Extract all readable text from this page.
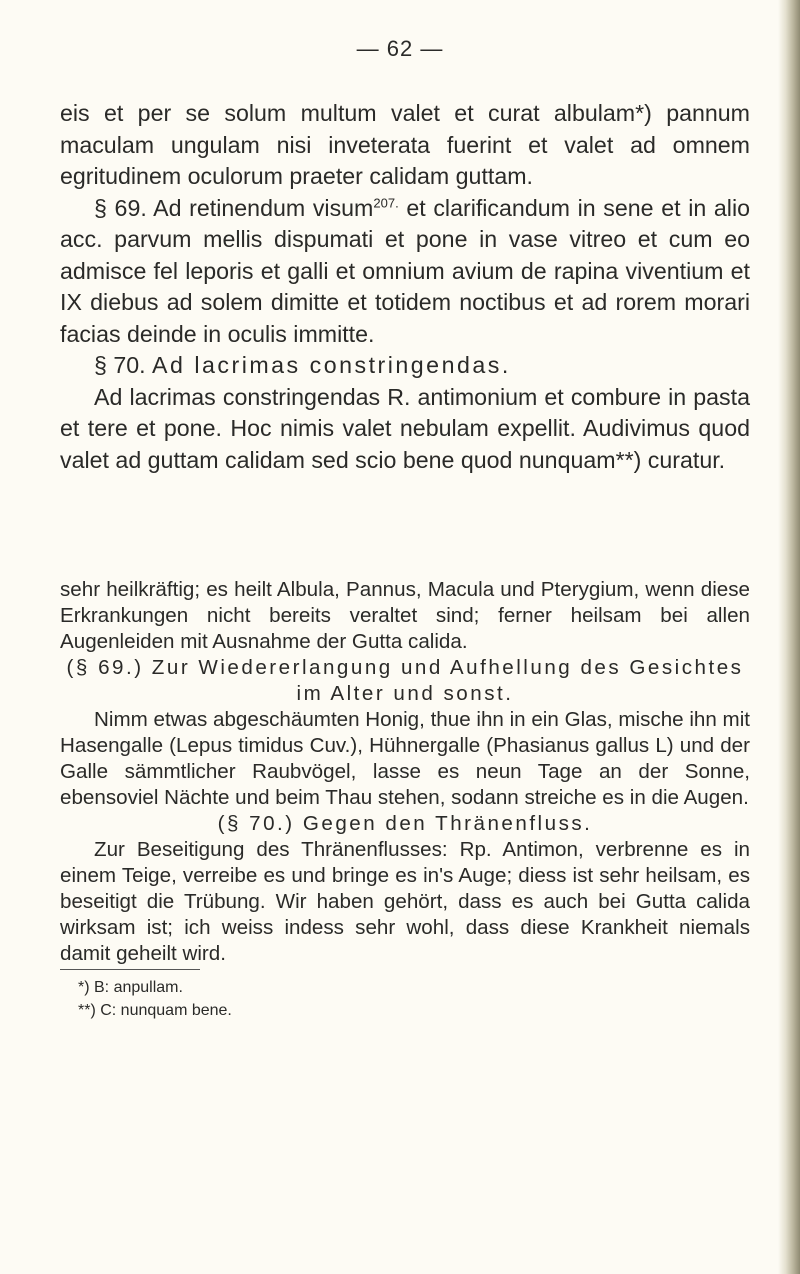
— 62 —

eis et per se solum multum valet et curat albulam*) pannum maculam ungulam nisi inveterata fuerint et valet ad omnem egritudinem oculorum praeter calidam guttam.

§ 69. Ad retinendum visum$^{207.}$ et clarificandum in sene et in alio acc. parvum mellis dispumati et pone in vase vitreo et cum eo admisce fel leporis et galli et omnium avium de rapina viventium et IX diebus ad solem dimitte et totidem noctibus et ad rorem morari facias deinde in oculis immitte.

§ 70. Ad lacrimas constringendas.

Ad lacrimas constringendas R. antimonium et combure in pasta et tere et pone. Hoc nimis valet nebulam expellit. Audivimus quod valet ad guttam calidam sed scio bene quod nunquam**) curatur.

sehr heilkräftig; es heilt Albula, Pannus, Macula und Pterygium, wenn diese Erkrankungen nicht bereits veraltet sind; ferner heilsam bei allen Augenleiden mit Ausnahme der Gutta calida.

(§ 69.) Zur Wiedererlangung und Aufhellung des Gesichtes im Alter und sonst.

Nimm etwas abgeschäumten Honig, thue ihn in ein Glas, mische ihn mit Hasengalle (Lepus timidus Cuv.), Hühnergalle (Phasianus gallus L) und der Galle sämmtlicher Raubvögel, lasse es neun Tage an der Sonne, ebensoviel Nächte und beim Thau stehen, sodann streiche es in die Augen.

(§ 70.) Gegen den Thränenfluss.

Zur Beseitigung des Thränenflusses: Rp. Antimon, verbrenne es in einem Teige, verreibe es und bringe es in's Auge; diess ist sehr heilsam, es beseitigt die Trübung. Wir haben gehört, dass es auch bei Gutta calida wirksam ist; ich weiss indess sehr wohl, dass diese Krankheit niemals damit geheilt wird.

*) B: anpullam.
**) C: nunquam bene.
